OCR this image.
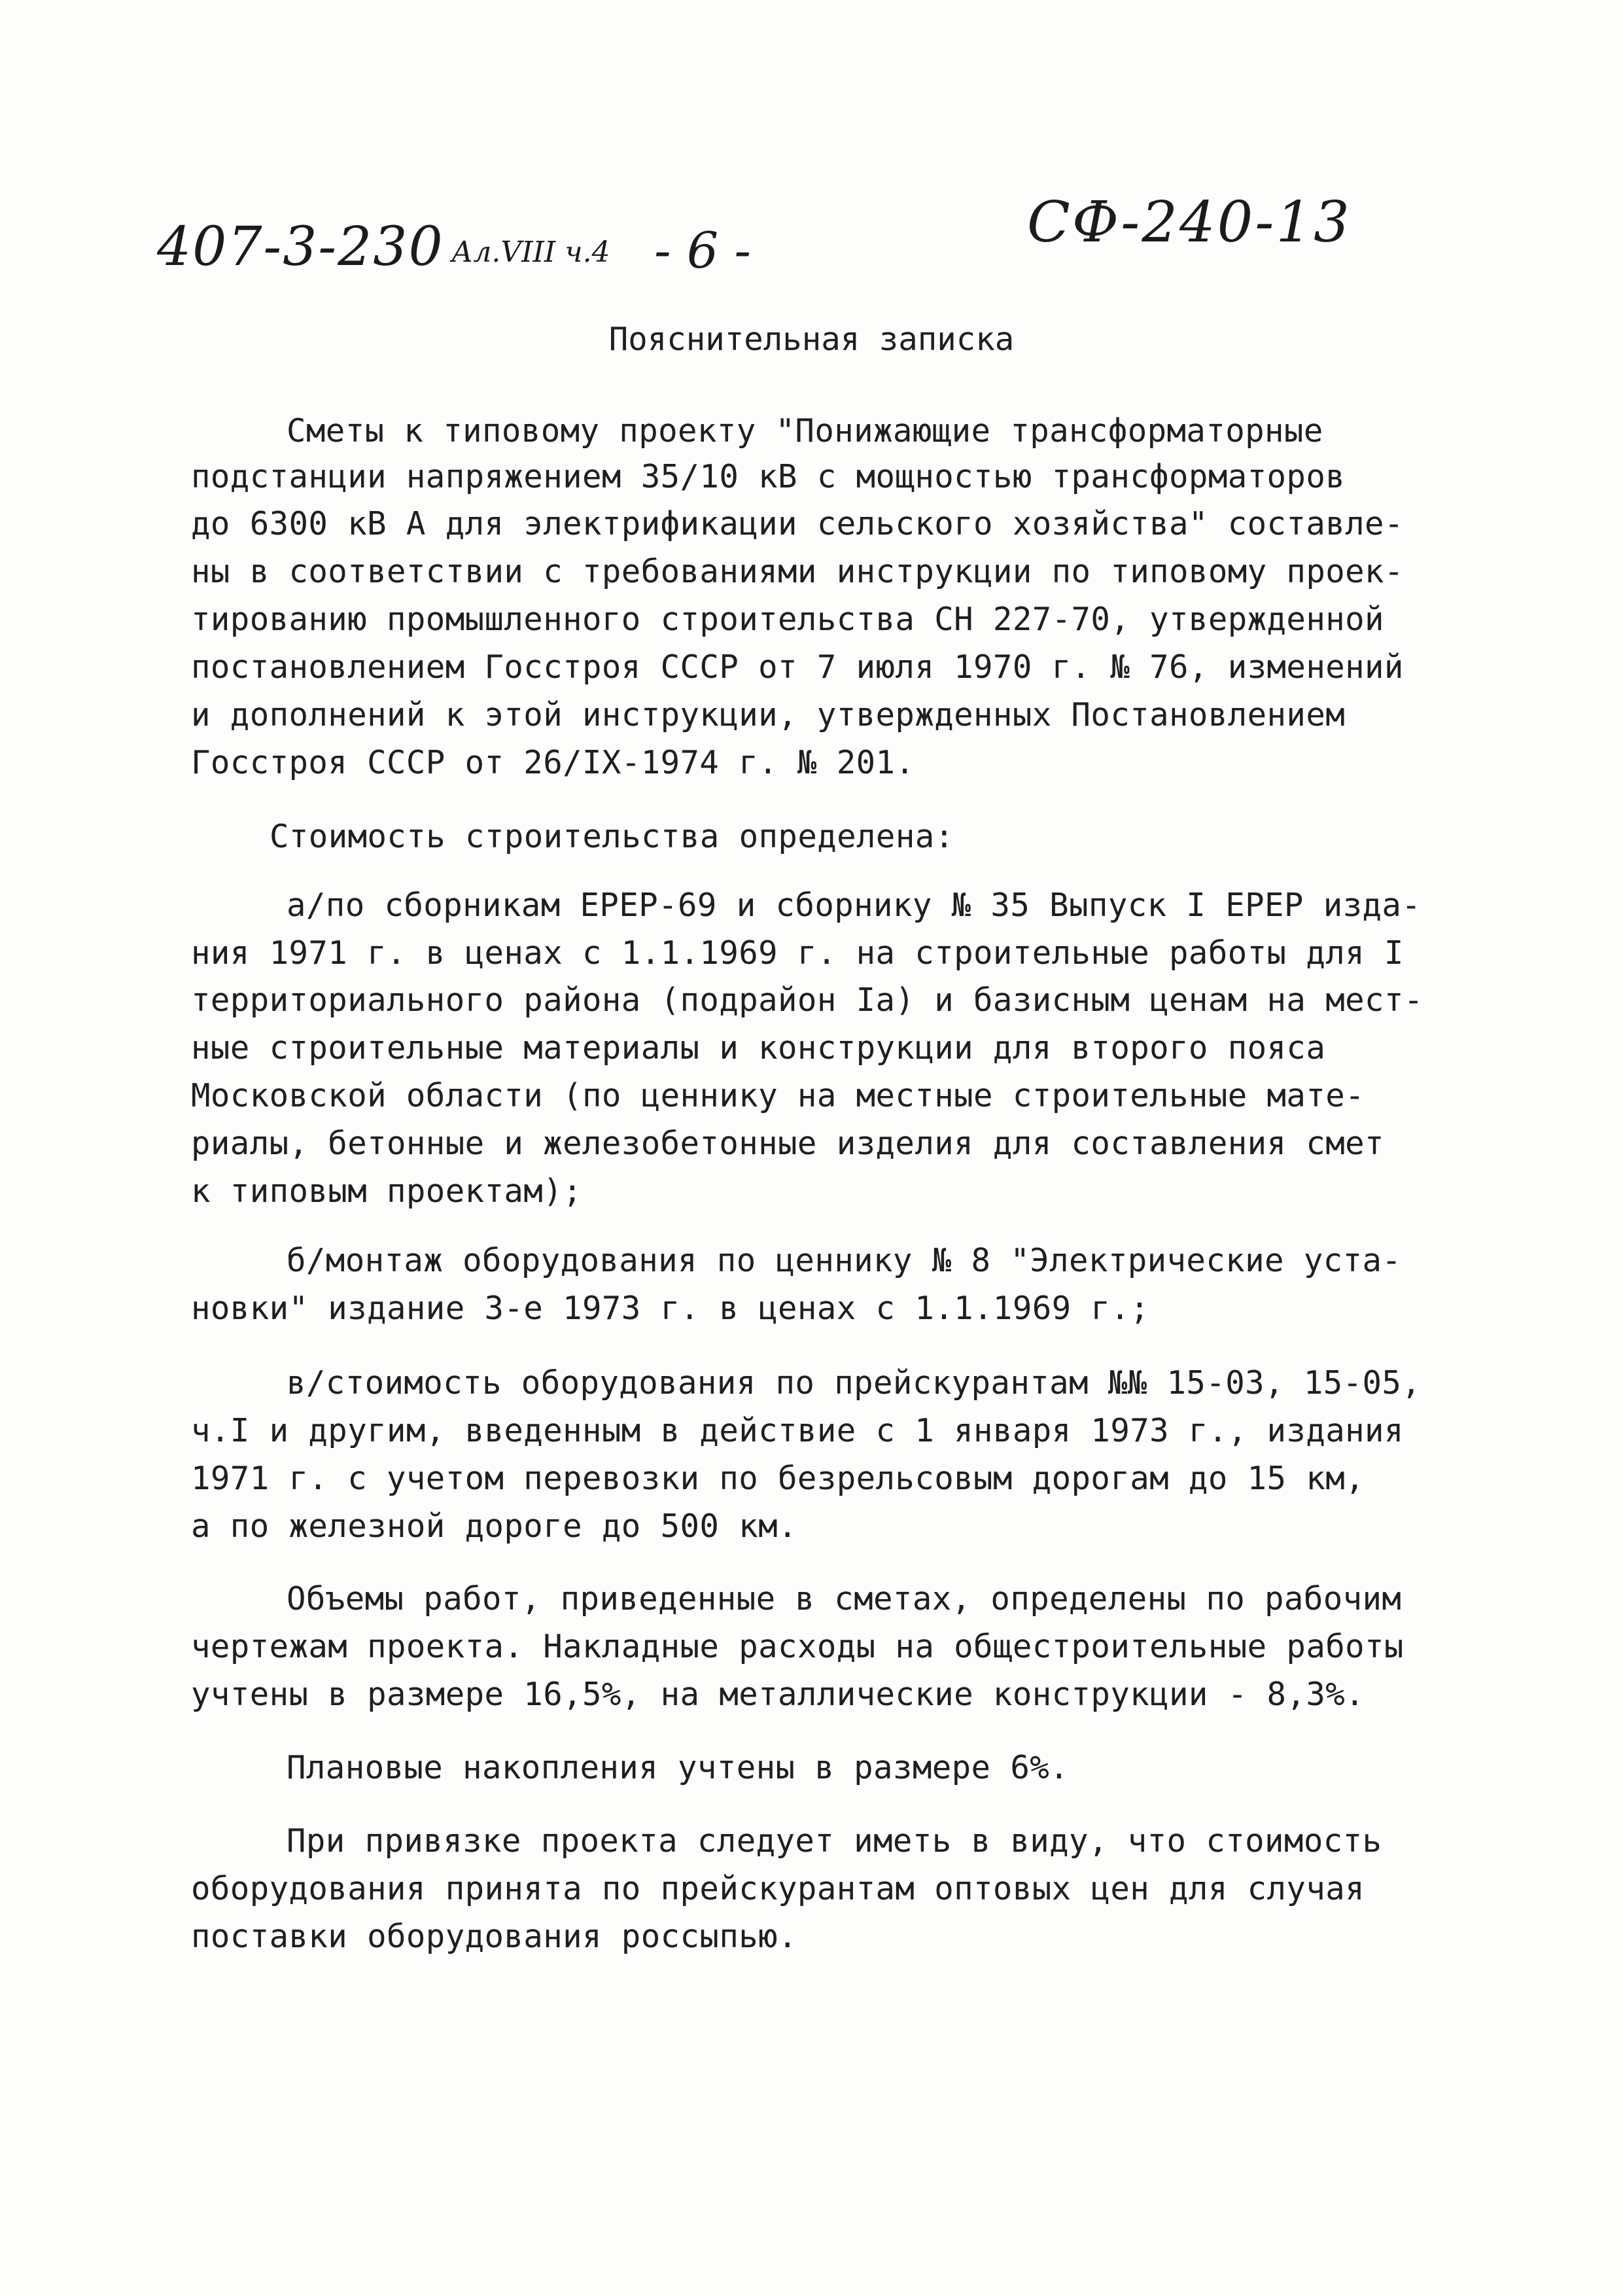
407-3-230 Ал.VIII ч.4 - 6 -	СФ-240-13
Пояснительная записка
Сметы к типовому проекту "Понижающие трансформаторные
подстанции напряжением 35/10 кВ с мощностью трансформаторов
до 6300 кВ А для электрификации сельского хозяйства" составле-
ны в соответствии с требованиями инструкции по типовому проек-
тированию промышленного строительства СН 227-70, утвержденной
постановлением Госстроя СССР от 7 июля 1970 г. № 76, изменений
и дополнений к этой инструкции, утвержденных Постановлением
Госстроя СССР от 26/IX-1974 г. № 201.
Стоимость строительства определена:
а/по сборникам ЕРЕР-69 и сборнику № 35 Выпуск I ЕРЕР изда-
ния 1971 г. в ценах с 1.1.1969 г. на строительные работы для I
территориального района (подрайон Iа) и базисным ценам на мест-
ные строительные материалы и конструкции для второго пояса
Московской области (по ценнику на местные строительные мате-
риалы, бетонные и железобетонные изделия для составления смет
к типовым проектам);
б/монтаж оборудования по ценнику № 8 "Электрические уста-
новки" издание 3-е 1973 г. в ценах с 1.1.1969 г.;
в/стоимость оборудования по прейскурантам №№ 15-03, 15-05,
ч.I и другим, введенным в действие с 1 января 1973 г., издания
1971 г. с учетом перевозки по безрельсовым дорогам до 15 км,
а по железной дороге до 500 км.
Объемы работ, приведенные в сметах, определены по рабочим
чертежам проекта. Накладные расходы на общестроительные работы
учтены в размере 16,5%, на металлические конструкции - 8,3%.
Плановые накопления учтены в размере 6%.
При привязке проекта следует иметь в виду, что стоимость
оборудования принята по прейскурантам оптовых цен для случая
поставки оборудования россыпью.
